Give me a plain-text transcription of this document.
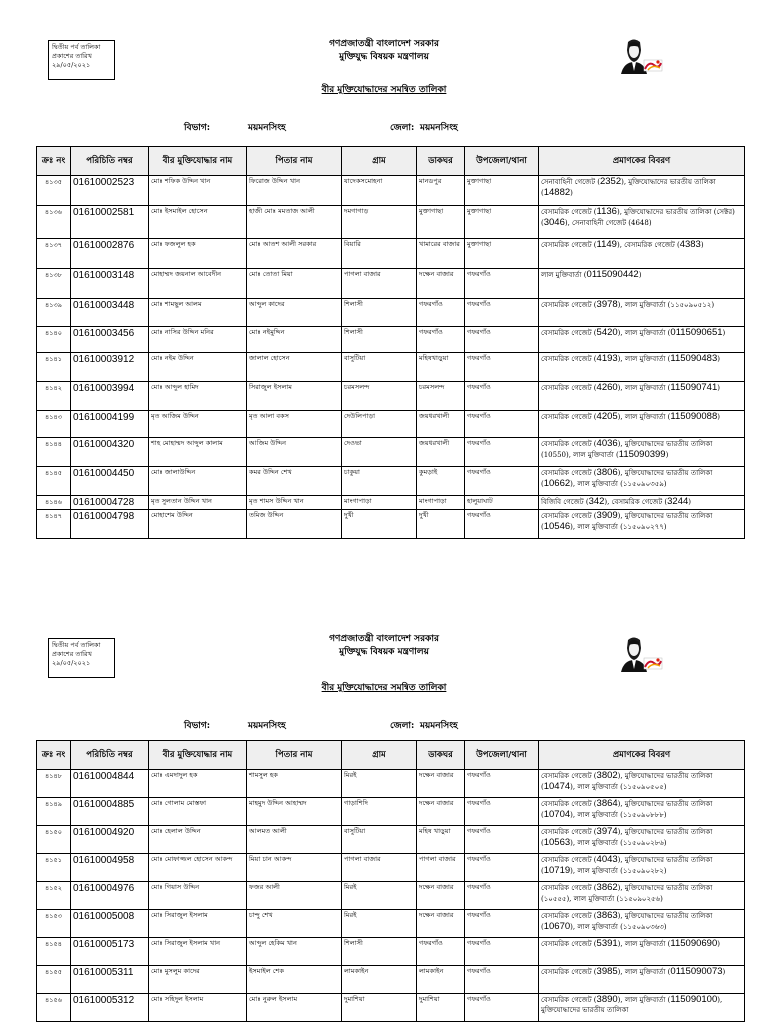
দ্বিতীয় পর্ব তালিকা
প্রকাশের তারিখ
২৯/০৫/২০২১
গণপ্রজাতন্ত্রী বাংলাদেশ সরকার
মুক্তিযুদ্ধ বিষয়ক মন্ত্রণালয়
বীর মুক্তিযোদ্ধাদের সমন্বিত তালিকা
বিভাগ:	ময়মনসিংহ	জেলা: ময়মনসিংহ
ক্রঃ নং	পরিচিতি নম্বর	বীর মুক্তিযোদ্ধার নাম	পিতার নাম	গ্রাম	ডাকঘর	উপজেলা/থানা	প্রমাণকের বিবরণ
৪১৩৫	01610002523	মোঃ শফিক উদ্দিন খান	ফিরোজ উদ্দিন খান	যাদেকসমোহনা	মানডপুর	মুক্তাগাছা	সেনাবাহিনী গেজেট (2352), মুক্তিযোদ্ধাদের ভারতীয় তালিকা (14882)
৪১৩৬	01610002581	মোঃ ইসমাইল হোসেন	হাজী মোঃ মমতাজ আলী	দমগাগাড়	মুক্তাগাছা	মুক্তাগাছা	বেসামরিক গেজেট (1136), মুক্তিযোদ্ধাদের ভারতীয় তালিকা (সেক্টর) (3046), সেনাবাহিনী গেজেট (4648)
৪১৩৭	01610002876	মোঃ ফজলুল হক	মোঃ আতশ আলী সরকার	বিয়ারি	খামারের বাজার	মুক্তাগাছা	বেসামরিক গেজেট (1149), বেসামরিক গেজেট (4383)
৪১৩৮	01610003148	মোহাম্মদ জয়নাল আবেদীন	মোঃ তোতা মিয়া	পাগলা বাজার	দক্ষেন বাজার	গফরগাঁও	লাল মুক্তিবার্তা (0115090442)
৪১৩৯	01610003448	মোঃ শামছুল আলম	আব্দুল কাদের	শিলাসী	গফরগাঁও	গফরগাঁও	বেসামরিক গেজেট (3978), লাল মুক্তিবার্তা (১১৫০৯০৫১২)
৪১৪০	01610003456	মোঃ নাসির উদ্দিন মনির	মোঃ নইমুদ্দিন	শিলাসী	গফরগাঁও	গফরগাঁও	বেসামরিক গেজেট (5420), লাল মুক্তিবার্তা (0115090651)
৪১৪১	01610003912	মোঃ নইম উদ্দিন	জালাল হোসেন	বাসুটিয়া	মহিষখাড়ুয়া	গফরগাঁও	বেসামরিক গেজেট (4193), লাল মুক্তিবার্তা (115090483)
৪১৪২	01610003994	মোঃ আব্দুল হামিদ	সিরাজুল ইসলাম	চরমসলন্দ	চরমসলন্দ	গফরগাঁও	বেসামরিক গেজেট (4260), লাল মুক্তিবার্তা (115090741)
৪১৪৩	01610004199	মৃত আজিম উদ্দিন	মৃত আলা বকস	দেউলিপাড়া	জয়ধরখালী	গফরগাঁও	বেসামরিক গেজেট (4205), লাল মুক্তিবার্তা (115090088)
৪১৪৪	01610004320	শাহ মোহাম্মদ আব্দুল কালাম	আজিম উদ্দিন	দেওভা	জয়ধরখালী	গফরগাঁও	বেসামরিক গেজেট (4036), মুক্তিযোদ্ধাদের ভারতীয় তালিকা (10550), লাল মুক্তিবার্তা (115090399)
৪১৪৫	01610004450	মোঃ জালাউদ্দিন	কমর উদ্দিন শেখ	চাকুয়া	কুমড়াই	গফরগাঁও	বেসামরিক গেজেট (3806), মুক্তিযোদ্ধাদের ভারতীয় তালিকা (10662), লাল মুক্তিবার্তা (১১৫০৯০৩৫৯)
৪১৪৬	01610004728	মৃত সুলতান উদ্দিন খান	মৃত শামস উদ্দিন খান	মাংগাপাড়া	মাংগাপাড়া	হালুয়াঘাট	বিজিবি গেজেট (342), বেসামরিক গেজেট (3244)
৪১৪৭	01610004798	মোহাশেম উদ্দিন	তমিজ উদ্দিন	দুখী	দুখী	গফরগাঁও	বেসামরিক গেজেট (3909), মুক্তিযোদ্ধাদের ভারতীয় তালিকা (10546), লাল মুক্তিবার্তা (১১৫০৯০২৭৭)
দ্বিতীয় পর্ব তালিকা
প্রকাশের তারিখ
২৯/০৫/২০২১
গণপ্রজাতন্ত্রী বাংলাদেশ সরকার
মুক্তিযুদ্ধ বিষয়ক মন্ত্রণালয়
বীর মুক্তিযোদ্ধাদের সমন্বিত তালিকা
বিভাগ:	ময়মনসিংহ	জেলা: ময়মনসিংহ
ক্রঃ নং	পরিচিতি নম্বর	বীর মুক্তিযোদ্ধার নাম	পিতার নাম	গ্রাম	ডাকঘর	উপজেলা/থানা	প্রমাণকের বিবরণ
৪১৪৮	01610004844	মোঃ এমদাদুল হক	শামসুল হক	মিরই	দক্ষেন বাজার	গফরগাঁও	বেসামরিক গেজেট (3802), মুক্তিযোদ্ধাদের ভারতীয় তালিকা (10474), লাল মুক্তিবার্তা (১১৫০৯০৫০৫)
৪১৪৯	01610004885	মোঃ গোলাম মোস্তফা	মাহমুদ উদ্দিন আহাম্মদ	গাড়াশিদি	দক্ষেন বাজার	গফরগাঁও	বেসামরিক গেজেট (3864), মুক্তিযোদ্ধাদের ভারতীয় তালিকা (10704), লাল মুক্তিবার্তা (১১৫০৯০৮৮৮)
৪১৫০	01610004920	মোঃ হেলাল উদ্দিন	আলমত আলী	বাসুটিয়া	মহিষ খাড়ুয়া	গফরগাঁও	বেসামরিক গেজেট (3974), মুক্তিযোদ্ধাদের ভারতীয় তালিকা (10563), লাল মুক্তিবার্তা (১১৫০৯০২৮৬)
৪১৫১	01610004958	মোঃ মোফাজ্জল হোসেন আকন্দ	মিয়া চান আকন্দ	পাগলা বাজার	পাগলা বাজার	গফরগাঁও	বেসামরিক গেজেট (4043), মুক্তিযোদ্ধাদের ভারতীয় তালিকা (10719), লাল মুক্তিবার্তা (১১৫০৯০২৮২)
৪১৫২	01610004976	মোঃ গিয়াস উদ্দিন	ফজর আলী	মিরই	দক্ষেন বাজার	গফরগাঁও	বেসামরিক গেজেট (3862), মুক্তিযোদ্ধাদের ভারতীয় তালিকা (১০৫৫৫), লাল মুক্তিবার্তা (১১৫০৯০২৫৬)
৪১৫৩	01610005008	মোঃ সিরাজুল ইসলাম	চান্দু শেখ	মিরই	দক্ষেন বাজার	গফরগাঁও	বেসামরিক গেজেট (3863), মুক্তিযোদ্ধাদের ভারতীয় তালিকা (10670), লাল মুক্তিবার্তা (১১৫০৯০৩৬৩)
৪১৫৪	01610005173	মোঃ সিরাজুল ইসলাম খান	আব্দুল হেকিম খান	শিলাসী	গফরগাঁও	গফরগাঁও	বেসামরিক গেজেট (5391), লাল মুক্তিবার্তা (115090690)
৪১৫৫	01610005311	মোঃ মুসলুম কাদের	ইসমাইল শেক	লামকাইন	লামকাইন	গফরগাঁও	বেসামরিক গেজেট (3985), লাল মুক্তিবার্তা (0115090073)
৪১৫৬	01610005312	মোঃ সহিদুল ইসলাম	মোঃ নুরুল ইসলাম	দুমাশিয়া	দুমাশিয়া	গফরগাঁও	বেসামরিক গেজেট (3890), লাল মুক্তিবার্তা (115090100), মুক্তিযোদ্ধাদের ভারতীয় তালিকা
